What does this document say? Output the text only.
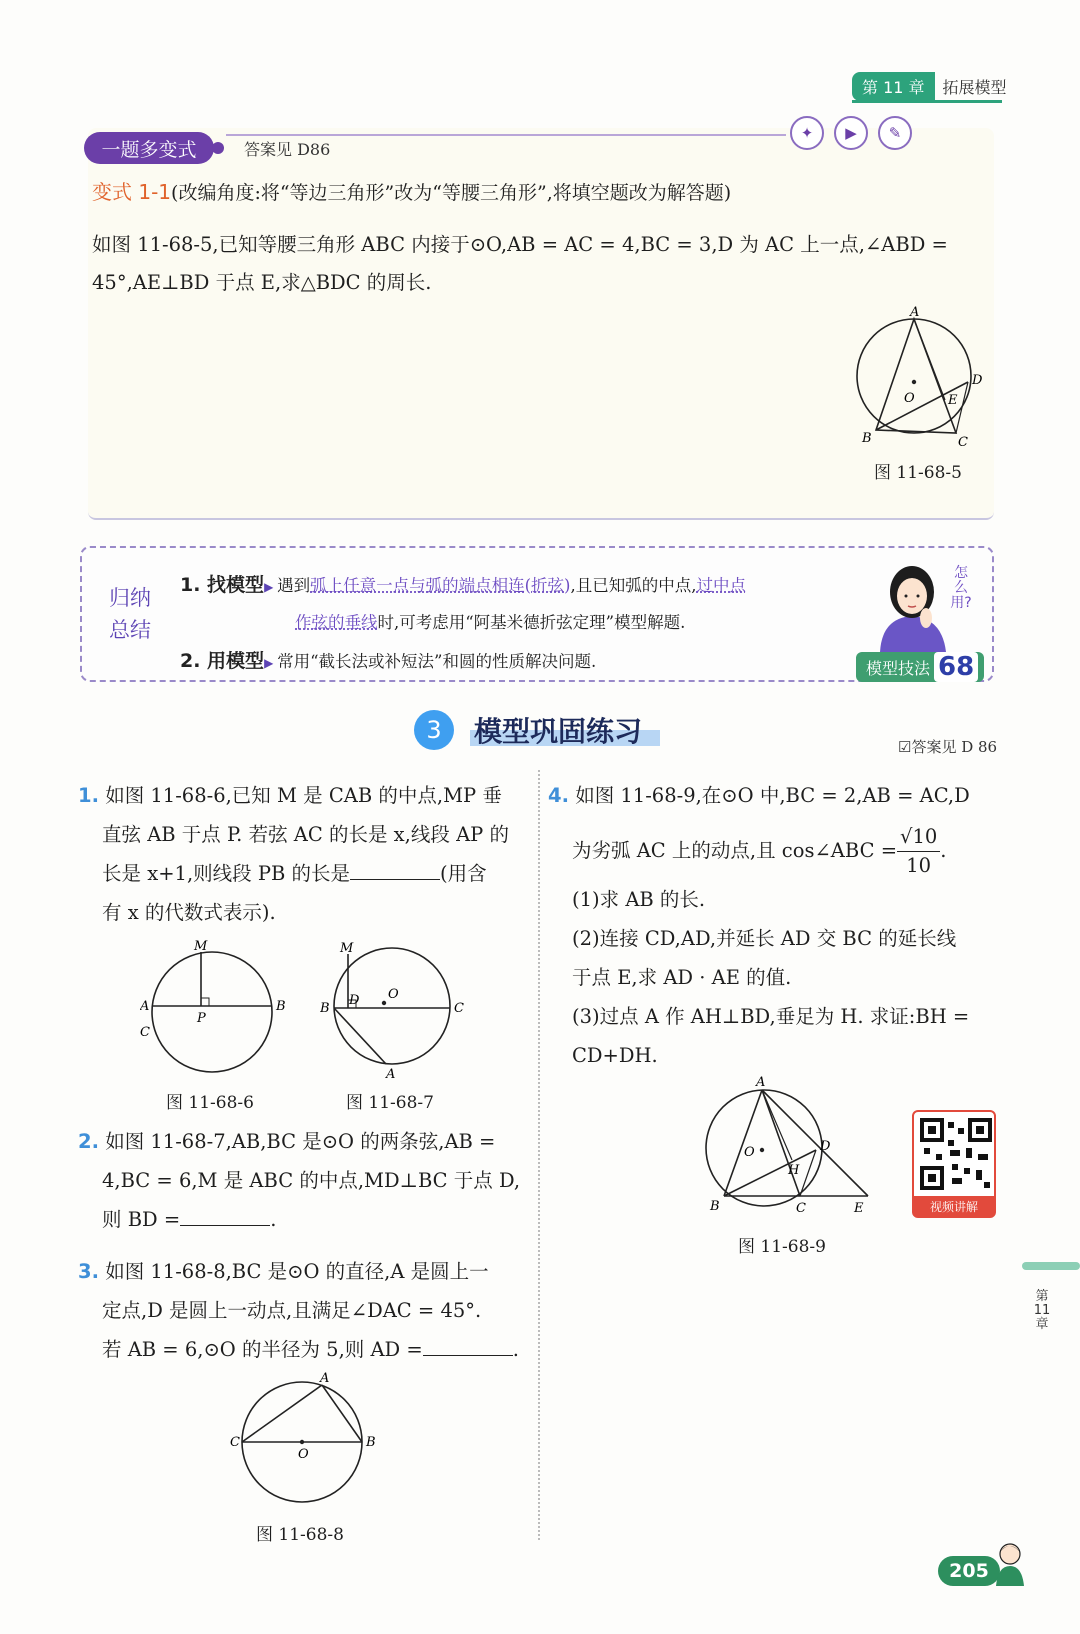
第 11 章	拓展模型
一题多变式	答案见 D86
✦	▶	✎
变式 1-1(改编角度:将“等边三角形”改为“等腰三角形”,将填空题改为解答题)
如图 11-68-5,已知等腰三角形 ABC 内接于⊙O,AB = AC = 4,BC = 3,D 为 AC 上一点,∠ABD =
45°,AE⊥BD 于点 E,求△BDC 的周长.
A
B	C
D
E
O
图 11-68-5
归纳
总结
1. 找模型▶ 遇到弧上任意一点与弧的端点相连(折弦),且已知弧的中点,过中点
作弦的垂线时,可考虑用“阿基米德折弦定理”模型解题.
2. 用模型▶ 常用“截长法或补短法”和圆的性质解决问题.
怎么用?
模型技法 68
3	模型巩固练习	☑答案见 D 86
1. 如图 11-68-6,已知 M 是 CAB 的中点,MP 垂
直弦 AB 于点 P. 若弦 AC 的长是 x,线段 AP 的
长是 x+1,则线段 PB 的长是	(用含
有 x 的代数式表示).
M
A	B
P
C
图 11-68-6
M
B	C
D O
A
图 11-68-7
2. 如图 11-68-7,AB,BC 是⊙O 的两条弦,AB =
4,BC = 6,M 是 ABC 的中点,MD⊥BC 于点 D,
则 BD =	.
3. 如图 11-68-8,BC 是⊙O 的直径,A 是圆上一
定点,D 是圆上一动点,且满足∠DAC = 45°.
若 AB = 6,⊙O 的半径为 5,则 AD =	.
A
C	B
O
图 11-68-8
4. 如图 11-68-9,在⊙O 中,BC = 2,AB = AC,D
为劣弧 AC 上的动点,且 cos∠ABC = $\frac{√10}{10}$ .
(1)求 AB 的长.
(2)连接 CD,AD,并延长 AD 交 BC 的延长线
于点 E,求 AD · AE 的值.
(3)过点 A 作 AH⊥BD,垂足为 H. 求证:BH =
CD+DH.
A
B	C
D
E
H
O
图 11-68-9
视频讲解
第11章
205
